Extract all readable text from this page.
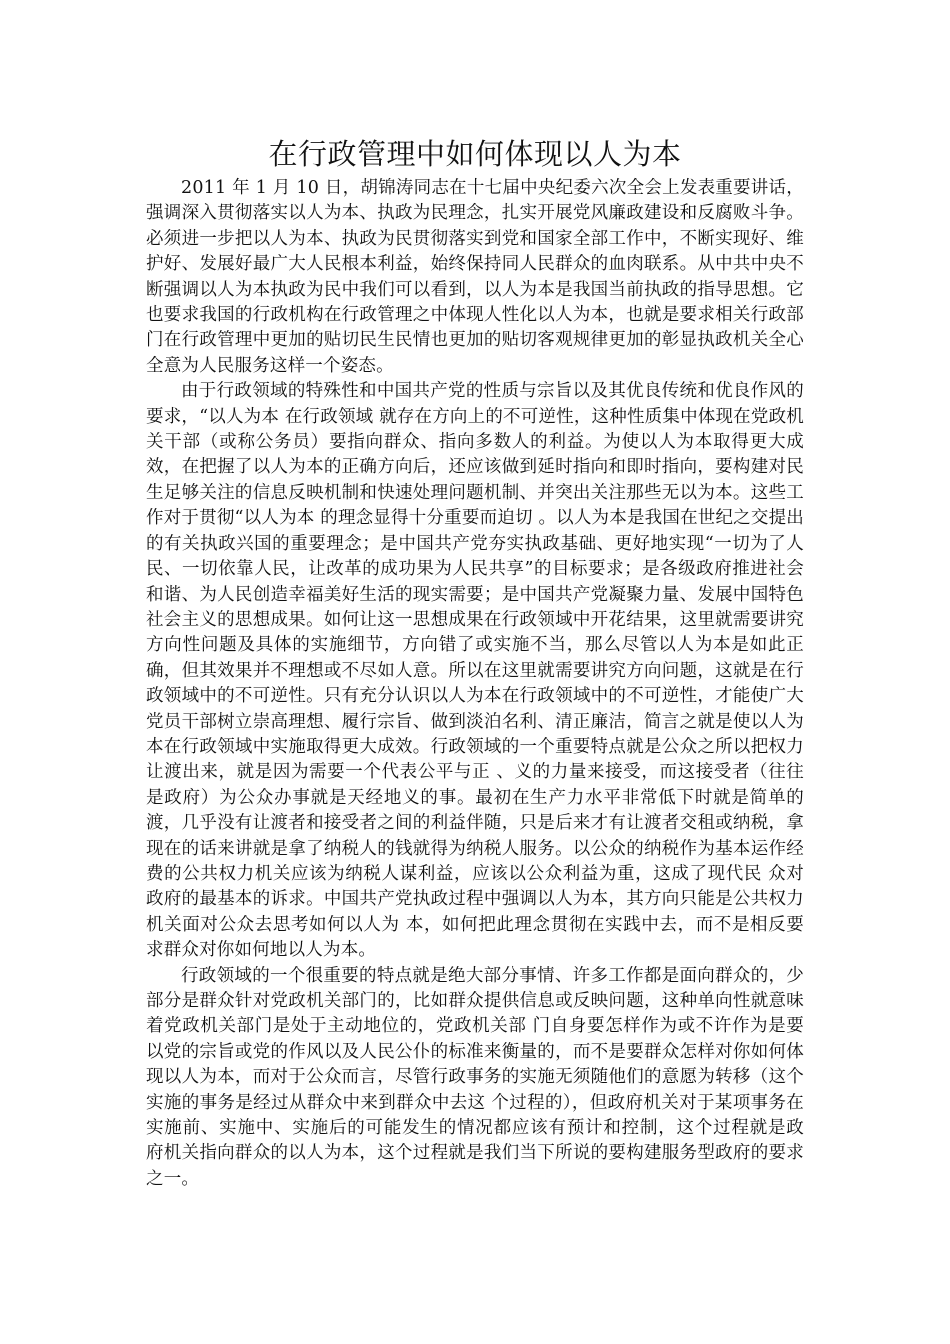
在行政管理中如何体现以人为本

2011 年 1 月 10 日，胡锦涛同志在十七届中央纪委六次全会上发表重要讲话，强调深入贯彻落实以人为本、执政为民理念，扎实开展党风廉政建设和反腐败斗争。必须进一步把以人为本、执政为民贯彻落实到党和国家全部工作中，不断实现好、维护好、发展好最广大人民根本利益，始终保持同人民群众的血肉联系。从中共中央不断强调以人为本执政为民中我们可以看到，以人为本是我国当前执政的指导思想。它也要求我国的行政机构在行政管理之中体现人性化以人为本，也就是要求相关行政部门在行政管理中更加的贴切民生民情也更加的贴切客观规律更加的彰显执政机关全心全意为人民服务这样一个姿态。

由于行政领域的特殊性和中国共产党的性质与宗旨以及其优良传统和优良作风的要求，“以人为本 在行政领域 就存在方向上的不可逆性，这种性质集中体现在党政机关干部（或称公务员）要指向群众、指向多数人的利益。为使以人为本取得更大成效，在把握了以人为本的正确方向后，还应该做到延时指向和即时指向，要构建对民生足够关注的信息反映机制和快速处理问题机制、并突出关注那些无以为本。这些工作对于贯彻“以人为本 的理念显得十分重要而迫切 。以人为本是我国在世纪之交提出的有关执政兴国的重要理念；是中国共产党夯实执政基础、更好地实现“一切为了人民、一切依靠人民，让改革的成功果为人民共享”的目标要求；是各级政府推进社会和谐、为人民创造幸福美好生活的现实需要；是中国共产党凝聚力量、发展中国特色社会主义的思想成果。如何让这一思想成果在行政领域中开花结果，这里就需要讲究方向性问题及具体的实施细节，方向错了或实施不当，那么尽管以人为本是如此正确，但其效果并不理想或不尽如人意。所以在这里就需要讲究方向问题，这就是在行政领域中的不可逆性。只有充分认识以人为本在行政领域中的不可逆性，才能使广大党员干部树立崇高理想、履行宗旨、做到淡泊名利、清正廉洁，简言之就是使以人为本在行政领域中实施取得更大成效。行政领域的一个重要特点就是公众之所以把权力让渡出来，就是因为需要一个代表公平与正 、义的力量来接受，而这接受者（往往是政府）为公众办事就是天经地义的事。最初在生产力水平非常低下时就是简单的 渡，几乎没有让渡者和接受者之间的利益伴随，只是后来才有让渡者交租或纳税，拿现在的话来讲就是拿了纳税人的钱就得为纳税人服务。以公众的纳税作为基本运作经费的公共权力机关应该为纳税人谋利益，应该以公众利益为重，这成了现代民 众对政府的最基本的诉求。中国共产党执政过程中强调以人为本，其方向只能是公共权力机关面对公众去思考如何以人为 本，如何把此理念贯彻在实践中去，而不是相反要求群众对你如何地以人为本。

行政领域的一个很重要的特点就是绝大部分事情、许多工作都是面向群众的，少部分是群众针对党政机关部门的，比如群众提供信息或反映问题，这种单向性就意味着党政机关部门是处于主动地位的，党政机关部 门自身要怎样作为或不许作为是要以党的宗旨或党的作风以及人民公仆的标准来衡量的，而不是要群众怎样对你如何体现以人为本，而对于公众而言，尽管行政事务的实施无须随他们的意愿为转移（这个实施的事务是经过从群众中来到群众中去这 个过程的），但政府机关对于某项事务在实施前、实施中、实施后的可能发生的情况都应该有预计和控制，这个过程就是政 府机关指向群众的以人为本，这个过程就是我们当下所说的要构建服务型政府的要求之一。
